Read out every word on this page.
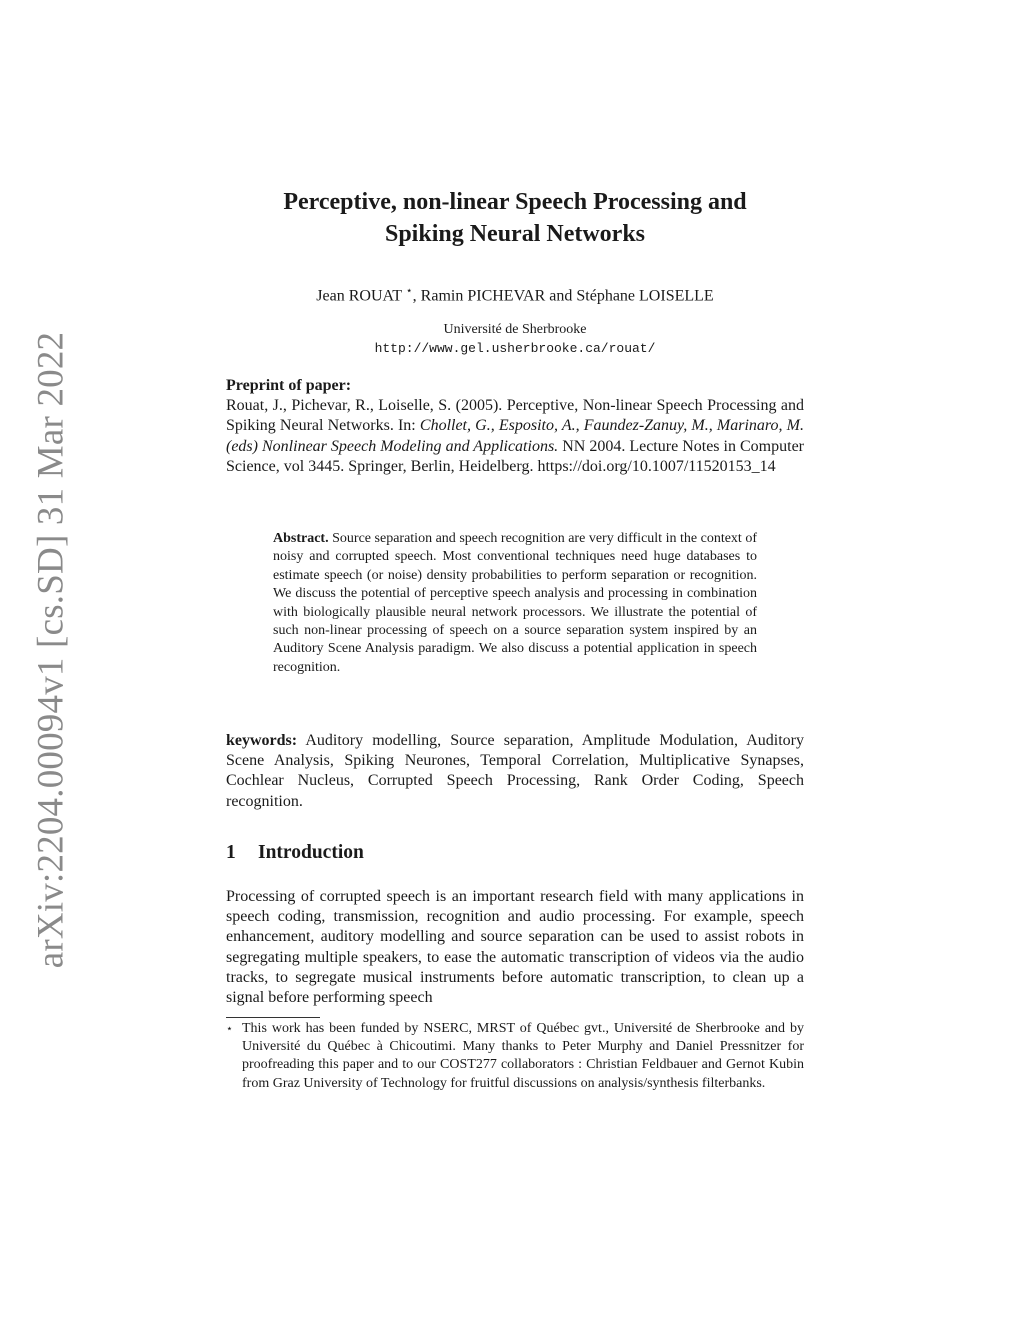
arXiv:2204.00094v1 [cs.SD] 31 Mar 2022
Perceptive, non-linear Speech Processing and
Spiking Neural Networks
Jean ROUAT ⋆, Ramin PICHEVAR and Stéphane LOISELLE
Université de Sherbrooke
http://www.gel.usherbrooke.ca/rouat/
Preprint of paper:
Rouat, J., Pichevar, R., Loiselle, S. (2005). Perceptive, Non-linear Speech Processing and Spiking Neural Networks. In: Chollet, G., Esposito, A., Faundez-Zanuy, M., Marinaro, M. (eds) Nonlinear Speech Modeling and Applications. NN 2004. Lecture Notes in Computer Science, vol 3445. Springer, Berlin, Heidelberg. https://doi.org/10.1007/11520153_14
Abstract. Source separation and speech recognition are very difficult in the context of noisy and corrupted speech. Most conventional techniques need huge databases to estimate speech (or noise) density probabilities to perform separation or recognition. We discuss the potential of perceptive speech analysis and processing in combination with biologically plausible neural network processors. We illustrate the potential of such non-linear processing of speech on a source separation system inspired by an Auditory Scene Analysis paradigm. We also discuss a potential application in speech recognition.
keywords: Auditory modelling, Source separation, Amplitude Modulation, Auditory Scene Analysis, Spiking Neurones, Temporal Correlation, Multiplicative Synapses, Cochlear Nucleus, Corrupted Speech Processing, Rank Order Coding, Speech recognition.
1 Introduction
Processing of corrupted speech is an important research field with many applications in speech coding, transmission, recognition and audio processing. For example, speech enhancement, auditory modelling and source separation can be used to assist robots in segregating multiple speakers, to ease the automatic transcription of videos via the audio tracks, to segregate musical instruments before automatic transcription, to clean up a signal before performing speech
⋆ This work has been funded by NSERC, MRST of Québec gvt., Université de Sherbrooke and by Université du Québec à Chicoutimi. Many thanks to Peter Murphy and Daniel Pressnitzer for proofreading this paper and to our COST277 collaborators : Christian Feldbauer and Gernot Kubin from Graz University of Technology for fruitful discussions on analysis/synthesis filterbanks.
